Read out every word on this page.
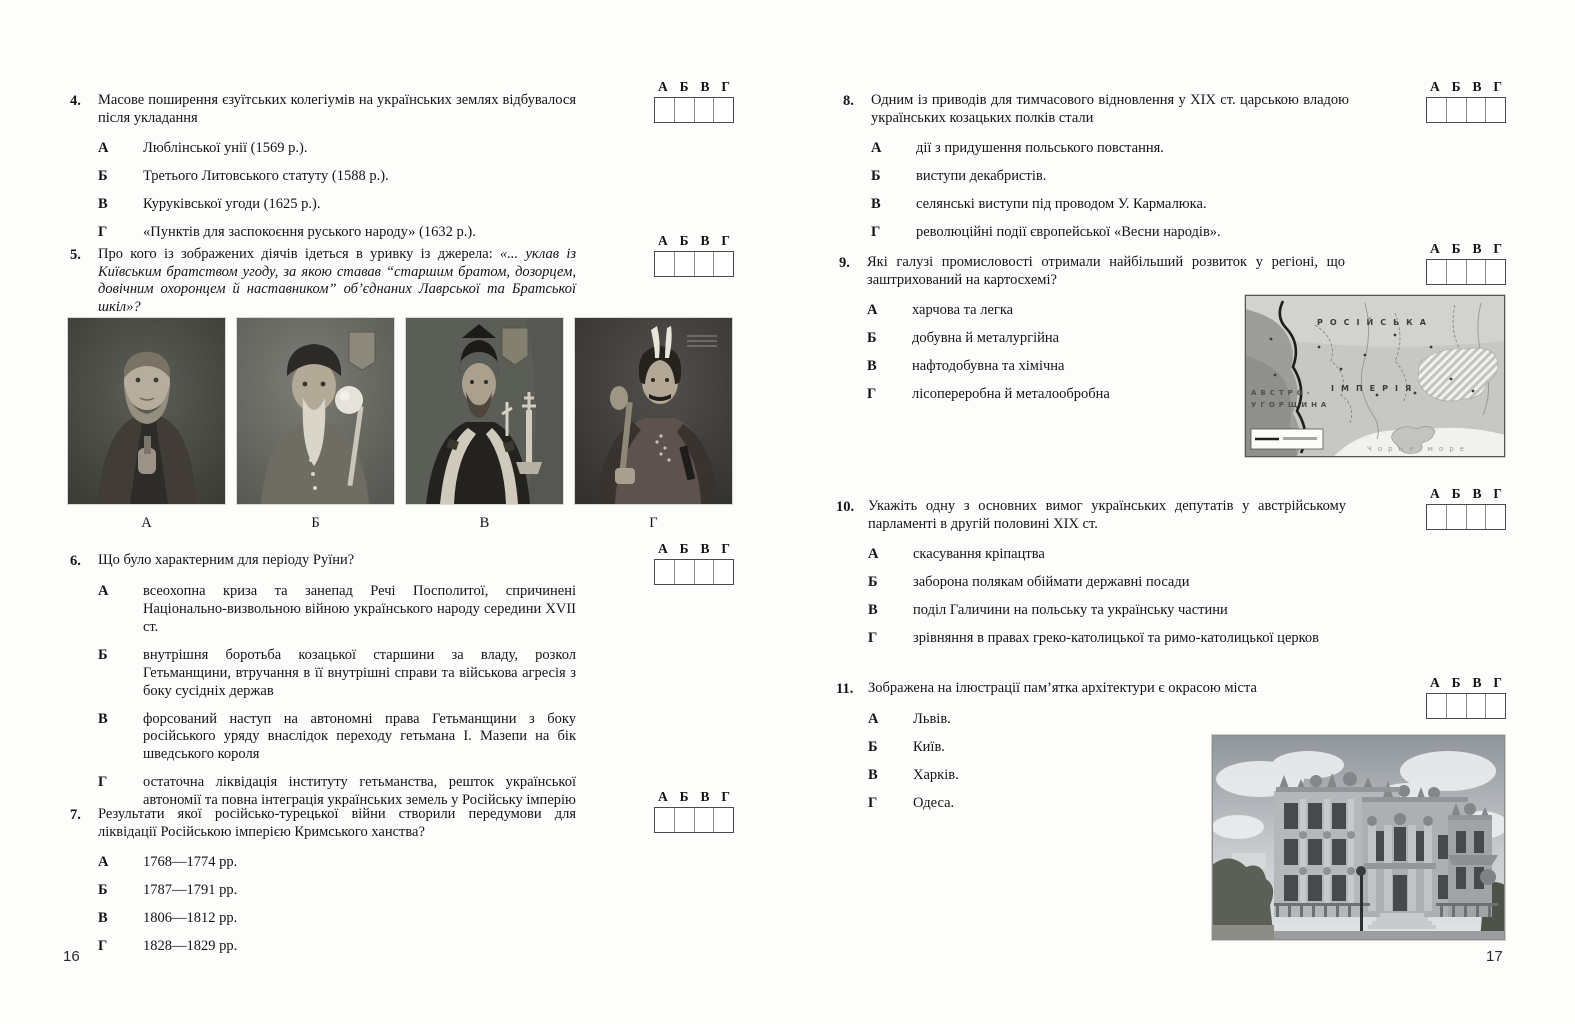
4.	Масове поширення єзуїтських колегіумів на українських землях відбувалося після укладання
А	Люблінської унії (1569 р.).
Б	Третього Литовського статуту (1588 р.).
В	Куруківської угоди (1625 р.).
Г	«Пунктів для заспокоєння руського народу» (1632 р.).
А Б В Г
5.	Про кого із зображених діячів ідеться в уривку із джерела: «... уклав із Київським братством угоду, за якою ставав “старшим братом, дозорцем, довічним охоронцем й наставником” об’єднаних Лаврської та Братської шкіл»?
А Б В Г
А	Б	В	Г
6.	Що було характерним для періоду Руїни?
А	всеохопна криза та занепад Речі Посполитої, спричинені Національно-визвольною війною українського народу середини XVII ст.
Б	внутрішня боротьба козацької старшини за владу, розкол Гетьманщини, втручання в її внутрішні справи та військова агресія з боку сусідніх держав
В	форсований наступ на автономні права Гетьманщини з боку російського уряду внаслідок переходу гетьмана І. Мазепи на бік шведського короля
Г	остаточна ліквідація інституту гетьманства, решток української автономії та повна інтеграція українських земель у Російську імперію
А Б В Г
7.	Результати якої російсько-турецької війни створили передумови для ліквідації Російською імперією Кримського ханства?
А	1768—1774 рр.
Б	1787—1791 рр.
В	1806—1812 рр.
Г	1828—1829 рр.
А Б В Г
16
8.	Одним із приводів для тимчасового відновлення у XIX ст. царською владою українських козацьких полків стали
А	дії з придушення польського повстання.
Б	виступи декабристів.
В	селянські виступи під проводом У. Кармалюка.
Г	революційні події європейської «Весни народів».
А Б В Г
9.	Які галузі промисловості отримали найбільший розвиток у регіоні, що заштрихований на картосхемі?
А	харчова та легка
Б	добувна й металургійна
В	нафтодобувна та хімічна
Г	лісопереробна й металообробна
А Б В Г
РОСІЙСЬКА
ІМПЕРІЯ
АВСТРО-
УГОРЩИНА
Чорне море
10. Укажіть одну з основних вимог українських депутатів у австрійському парламенті в другій половині XIX ст.
А	скасування кріпацтва
Б	заборона полякам обіймати державні посади
В	поділ Галичини на польську та українську частини
Г	зрівняння в правах греко-католицької та римо-католицької церков
А Б В Г
11.	Зображена на ілюстрації пам’ятка архітектури є окрасою міста
А	Львів.
Б	Київ.
В	Харків.
Г	Одеса.
А Б В Г
17
